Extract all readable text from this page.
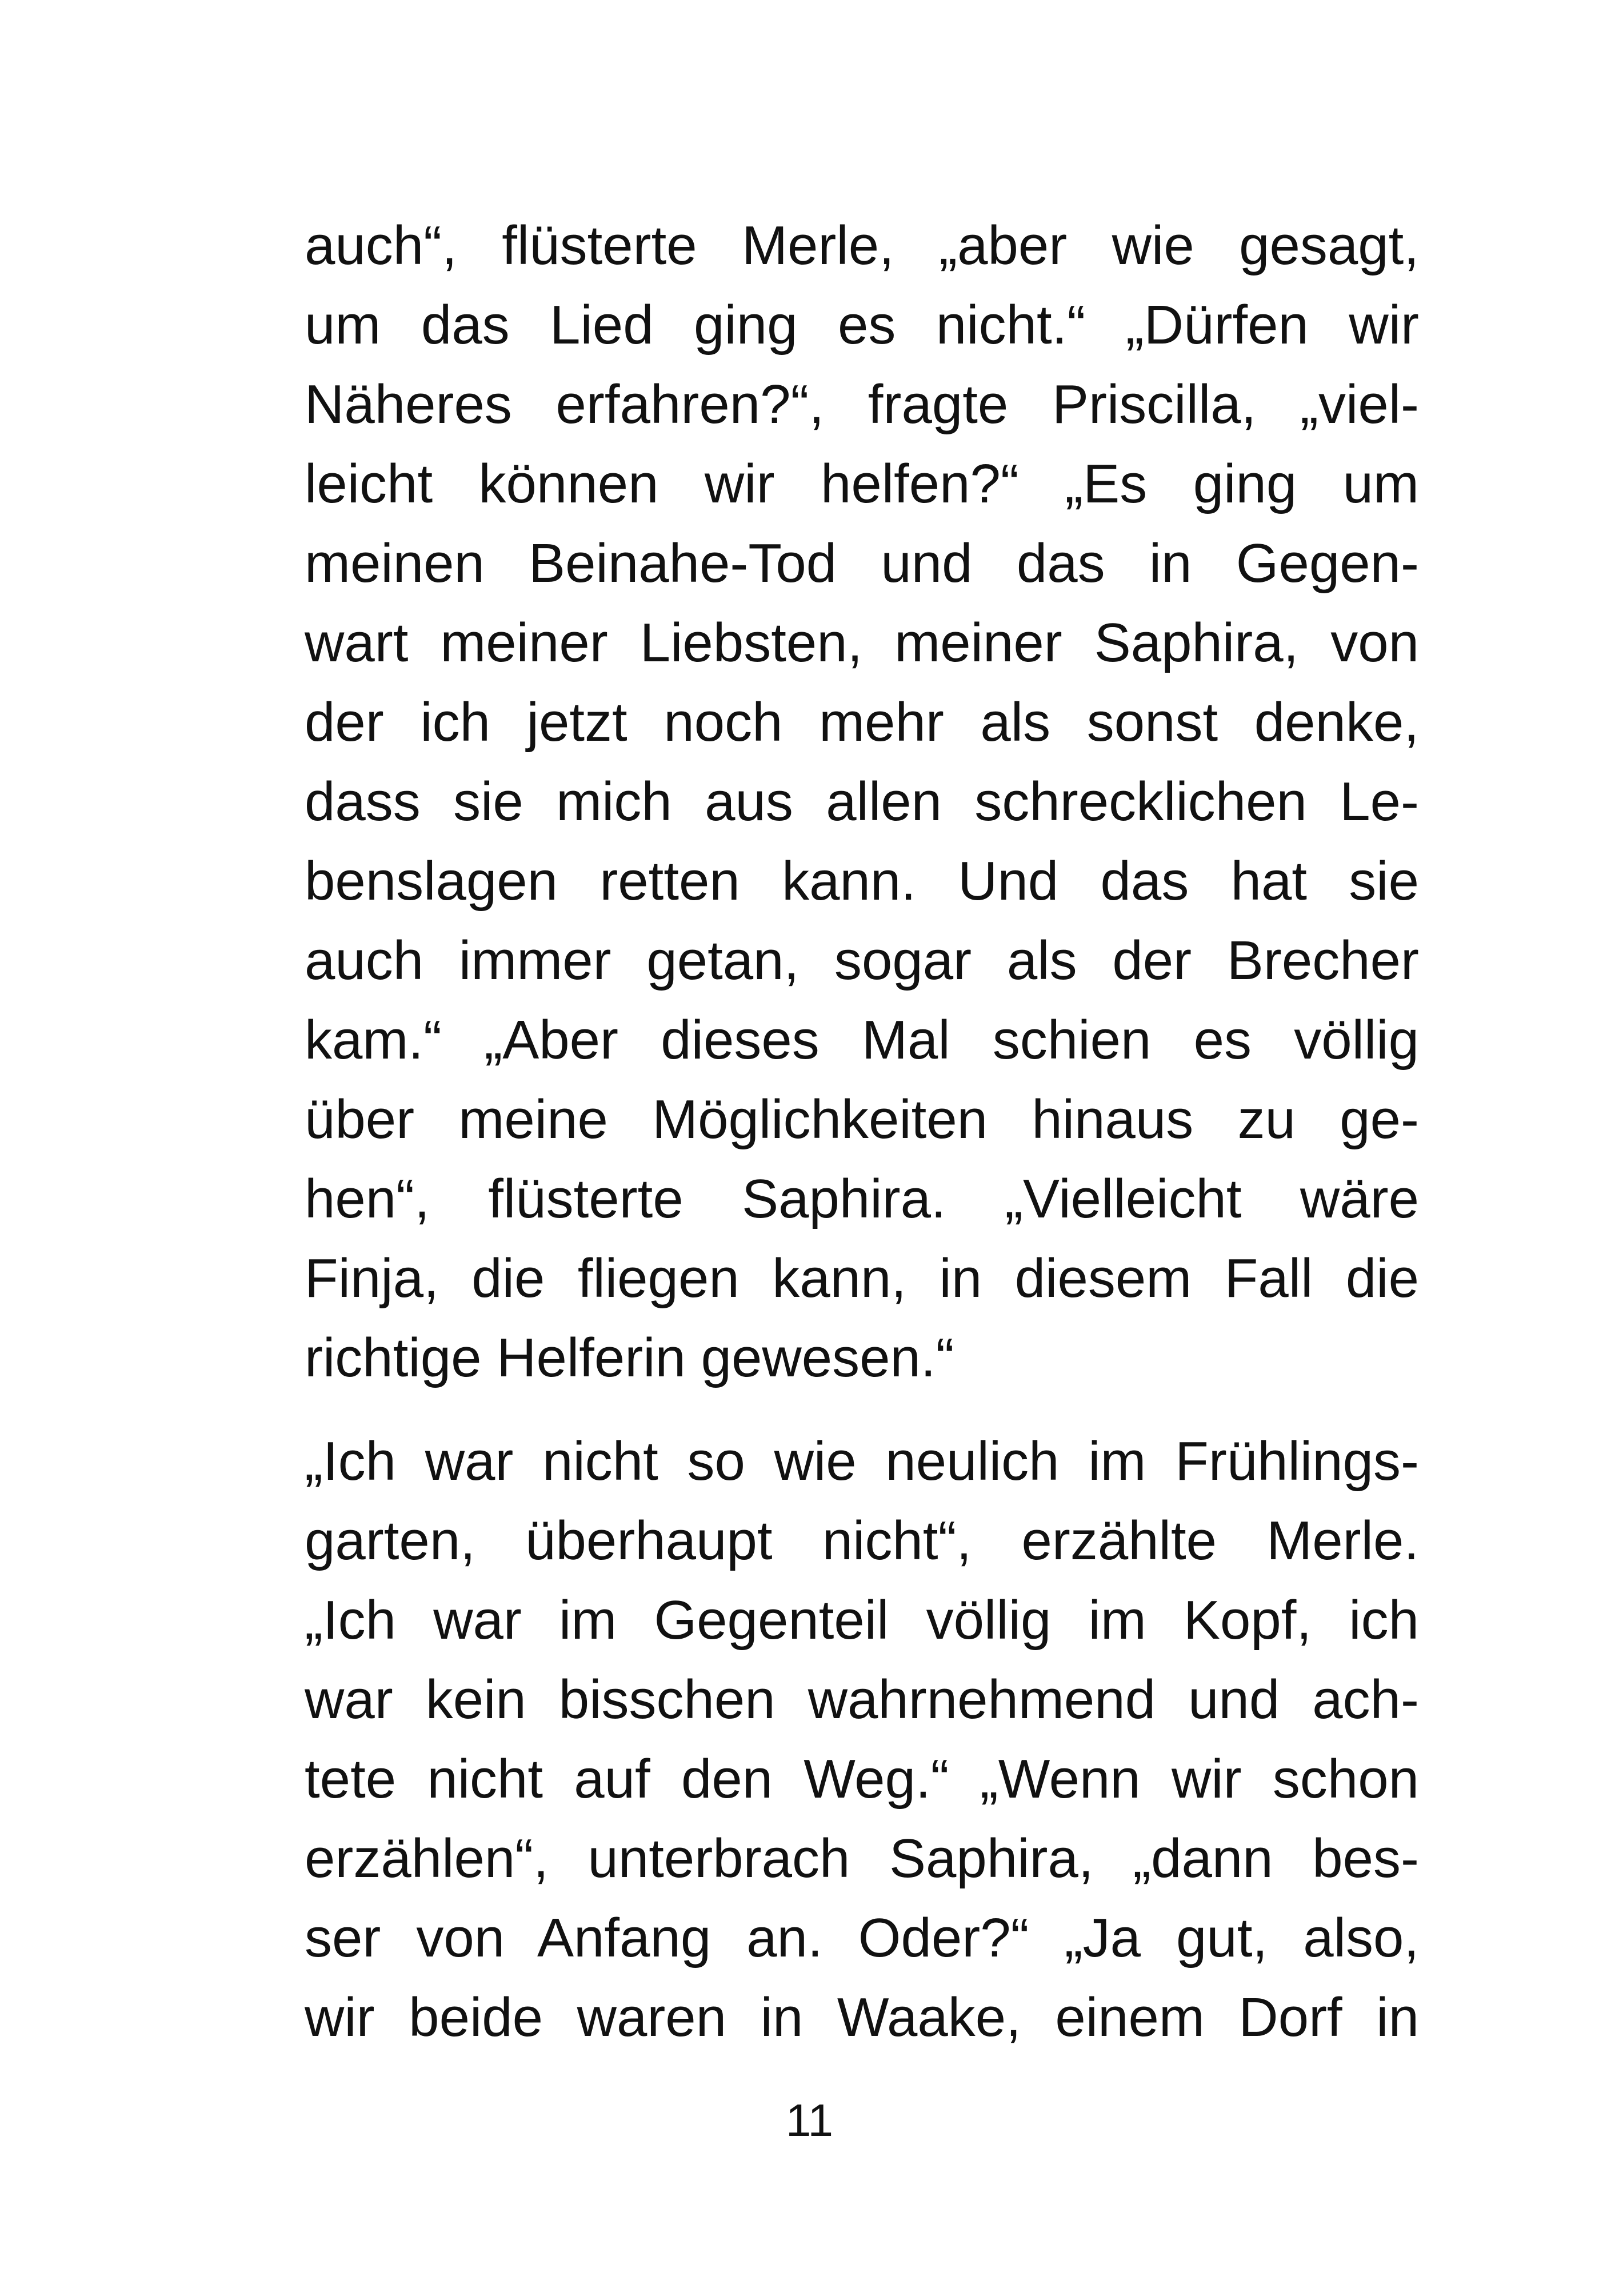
auch“, flüsterte Merle, „aber wie gesagt,
um das Lied ging es nicht.“ „Dürfen wir
Näheres erfahren?“, fragte Priscilla, „viel-
leicht können wir helfen?“ „Es ging um
meinen Beinahe-Tod und das in Gegen-
wart meiner Liebsten, meiner Saphira, von
der ich jetzt noch mehr als sonst denke,
dass sie mich aus allen schrecklichen Le-
benslagen retten kann. Und das hat sie
auch immer getan, sogar als der Brecher
kam.“ „Aber dieses Mal schien es völlig
über meine Möglichkeiten hinaus zu ge-
hen“, flüsterte Saphira. „Vielleicht wäre
Finja, die fliegen kann, in diesem Fall die
richtige Helferin gewesen.“
„Ich war nicht so wie neulich im Frühlings-
garten, überhaupt nicht“, erzählte Merle.
„Ich war im Gegenteil völlig im Kopf, ich
war kein bisschen wahrnehmend und ach-
tete nicht auf den Weg.“ „Wenn wir schon
erzählen“, unterbrach Saphira, „dann bes-
ser von Anfang an. Oder?“ „Ja gut, also,
wir beide waren in Waake, einem Dorf in
11
